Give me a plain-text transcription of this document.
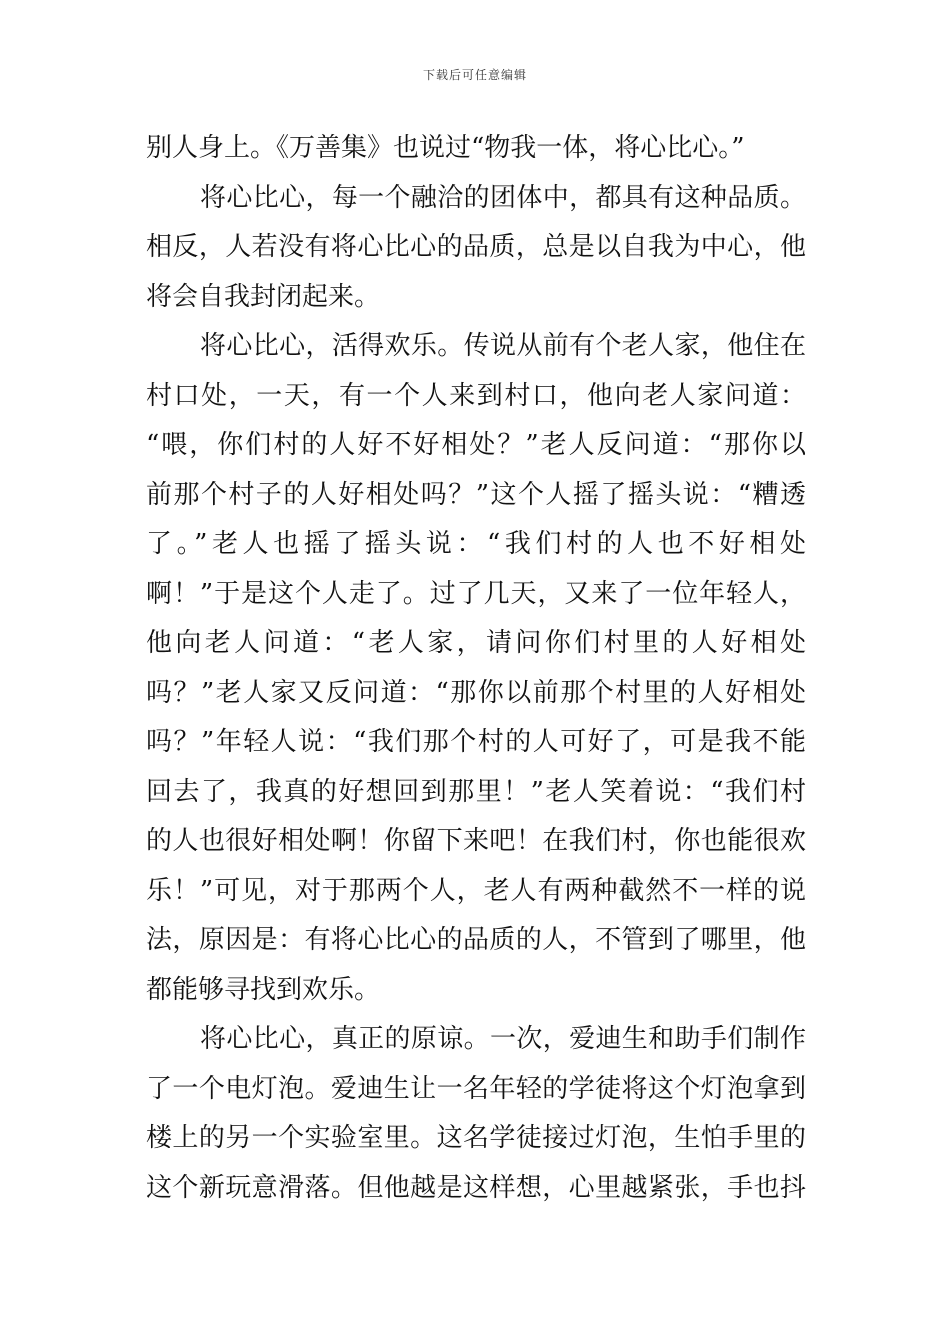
下载后可任意编辑
别人身上。《万善集》也说过“物我一体，将心比心。”
将心比心，每一个融洽的团体中，都具有这种品质。
相反，人若没有将心比心的品质，总是以自我为中心，他
将会自我封闭起来。
将心比心，活得欢乐。传说从前有个老人家，他住在
村口处，一天，有一个人来到村口，他向老人家问道：
“喂，你们村的人好不好相处？”老人反问道：“那你以
前那个村子的人好相处吗？”这个人摇了摇头说：“糟透
了。”老人也摇了摇头说：“我们村的人也不好相处
啊！”于是这个人走了。过了几天，又来了一位年轻人，
他向老人问道：“老人家，请问你们村里的人好相处
吗？”老人家又反问道：“那你以前那个村里的人好相处
吗？”年轻人说：“我们那个村的人可好了，可是我不能
回去了，我真的好想回到那里！”老人笑着说：“我们村
的人也很好相处啊！你留下来吧！在我们村，你也能很欢
乐！”可见，对于那两个人，老人有两种截然不一样的说
法，原因是：有将心比心的品质的人，不管到了哪里，他
都能够寻找到欢乐。
将心比心，真正的原谅。一次，爱迪生和助手们制作
了一个电灯泡。爱迪生让一名年轻的学徒将这个灯泡拿到
楼上的另一个实验室里。这名学徒接过灯泡，生怕手里的
这个新玩意滑落。但他越是这样想，心里越紧张，手也抖
